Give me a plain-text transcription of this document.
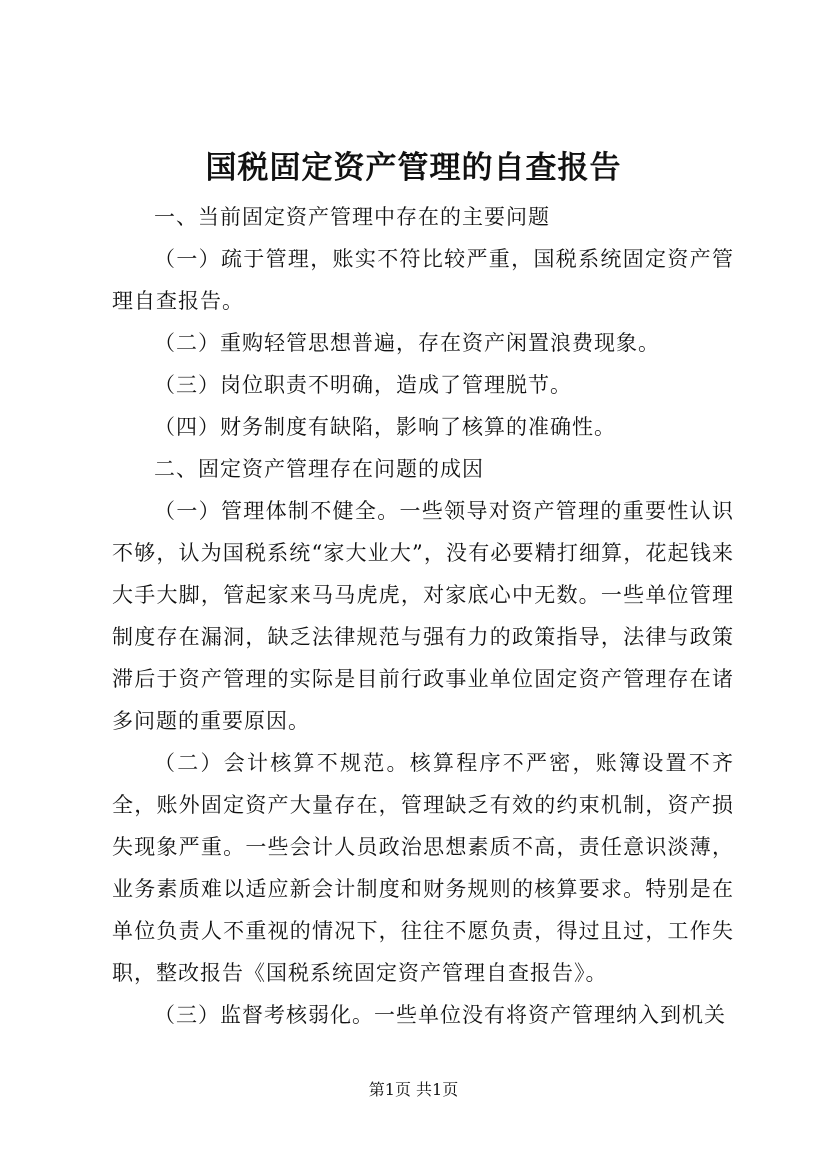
国税固定资产管理的自查报告

一、当前固定资产管理中存在的主要问题

（一）疏于管理，账实不符比较严重，国税系统固定资产管理自查报告。

（二）重购轻管思想普遍，存在资产闲置浪费现象。

（三）岗位职责不明确，造成了管理脱节。

（四）财务制度有缺陷，影响了核算的准确性。

二、固定资产管理存在问题的成因

（一）管理体制不健全。一些领导对资产管理的重要性认识不够，认为国税系统“家大业大”，没有必要精打细算，花起钱来大手大脚，管起家来马马虎虎，对家底心中无数。一些单位管理制度存在漏洞，缺乏法律规范与强有力的政策指导，法律与政策滞后于资产管理的实际是目前行政事业单位固定资产管理存在诸多问题的重要原因。

（二）会计核算不规范。核算程序不严密，账簿设置不齐全，账外固定资产大量存在，管理缺乏有效的约束机制，资产损失现象严重。一些会计人员政治思想素质不高，责任意识淡薄，业务素质难以适应新会计制度和财务规则的核算要求。特别是在单位负责人不重视的情况下，往往不愿负责，得过且过，工作失职，整改报告《国税系统固定资产管理自查报告》。

（三）监督考核弱化。一些单位没有将资产管理纳入到机关

第1页 共1页
